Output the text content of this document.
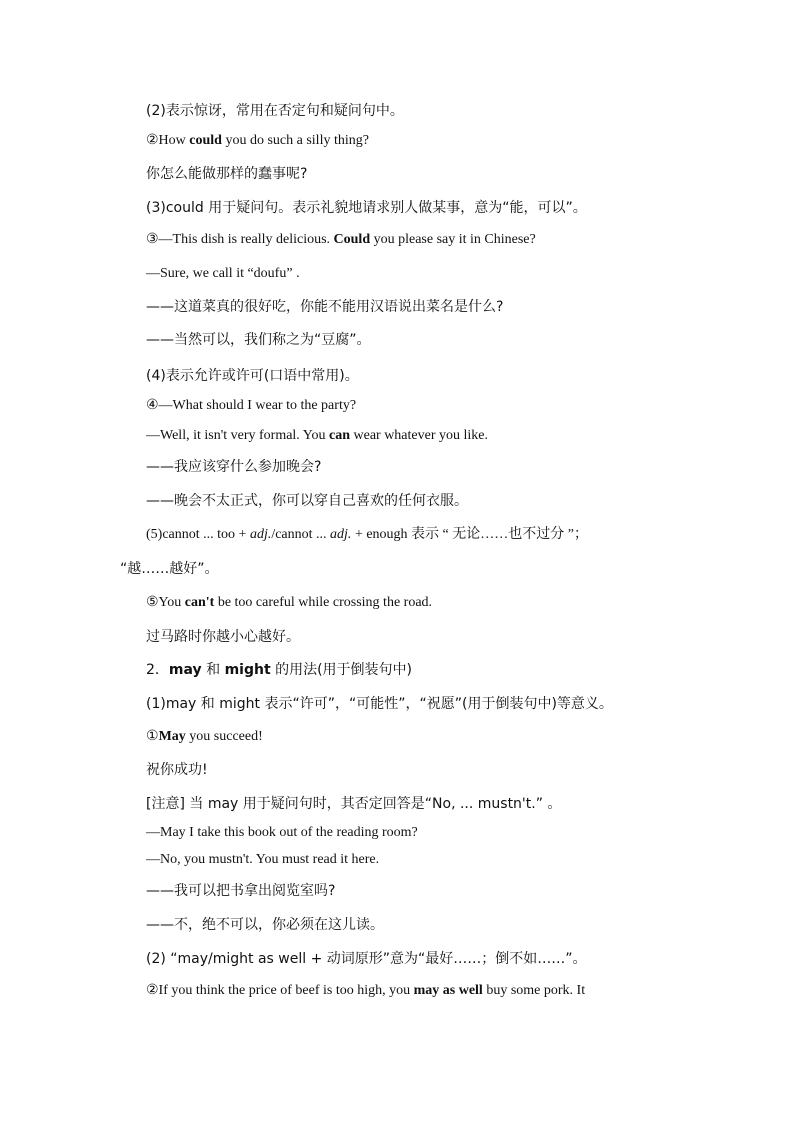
(2)表示惊讶，常用在否定句和疑问句中。
②How could you do such a silly thing?
你怎么能做那样的蠢事呢?
(3)could 用于疑问句。表示礼貌地请求别人做某事，意为“能，可以”。
③—This dish is really delicious. Could you please say it in Chinese?
—Sure, we call it “doufu” .
——这道菜真的很好吃，你能不能用汉语说出菜名是什么?
——当然可以，我们称之为“豆腐”。
(4)表示允许或许可(口语中常用)。
④—What should I wear to the party?
—Well, it isn't very formal. You can wear whatever you like.
——我应该穿什么参加晚会?
——晚会不太正式，你可以穿自己喜欢的任何衣服。
(5)cannot ... too + adj./cannot ... adj. + enough 表示 “ 无论……也不过分 ”；
“越……越好”。
⑤You can't be too careful while crossing the road.
过马路时你越小心越好。
2．may 和 might 的用法(用于倒装句中)
(1)may 和 might 表示“许可”，“可能性”，“祝愿”(用于倒装句中)等意义。
①May you succeed!
祝你成功!
[注意] 当 may 用于疑问句时，其否定回答是“No, ... mustn't.” 。
—May I take this book out of the reading room?
—No, you mustn't. You must read it here.
——我可以把书拿出阅览室吗?
——不，绝不可以，你必须在这儿读。
(2) “may/might as well + 动词原形”意为“最好……；倒不如……”。
②If you think the price of beef is too high, you may as well buy some pork. It
